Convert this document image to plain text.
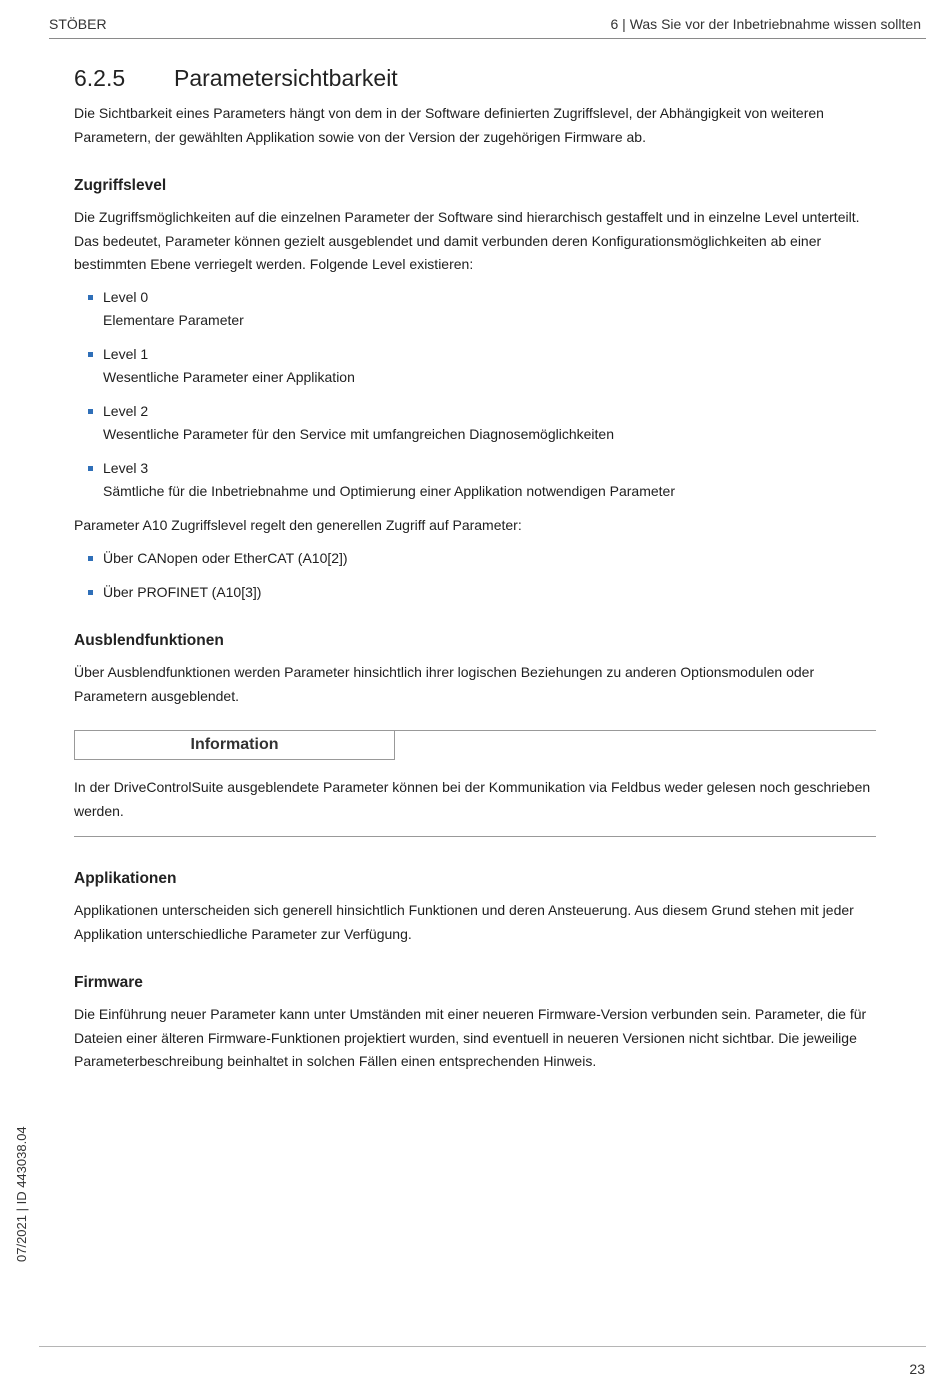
STÖBER	6 | Was Sie vor der Inbetriebnahme wissen sollten
6.2.5 Parametersichtbarkeit

Die Sichtbarkeit eines Parameters hängt von dem in der Software definierten Zugriffslevel, der Abhängigkeit von weiteren Parametern, der gewählten Applikation sowie von der Version der zugehörigen Firmware ab.

Zugriffslevel

Die Zugriffsmöglichkeiten auf die einzelnen Parameter der Software sind hierarchisch gestaffelt und in einzelne Level unterteilt. Das bedeutet, Parameter können gezielt ausgeblendet und damit verbunden deren Konfigurationsmöglichkeiten ab einer bestimmten Ebene verriegelt werden. Folgende Level existieren:

Level 0
Elementare Parameter
Level 1
Wesentliche Parameter einer Applikation
Level 2
Wesentliche Parameter für den Service mit umfangreichen Diagnosemöglichkeiten
Level 3
Sämtliche für die Inbetriebnahme und Optimierung einer Applikation notwendigen Parameter

Parameter A10 Zugriffslevel regelt den generellen Zugriff auf Parameter:

Über CANopen oder EtherCAT (A10[2])
Über PROFINET (A10[3])
Ausblendfunktionen

Über Ausblendfunktionen werden Parameter hinsichtlich ihrer logischen Beziehungen zu anderen Optionsmodulen oder Parametern ausgeblendet.

Information

In der DriveControlSuite ausgeblendete Parameter können bei der Kommunikation via Feldbus weder gelesen noch geschrieben werden.

Applikationen

Applikationen unterscheiden sich generell hinsichtlich Funktionen und deren Ansteuerung. Aus diesem Grund stehen mit jeder Applikation unterschiedliche Parameter zur Verfügung.

Firmware

Die Einführung neuer Parameter kann unter Umständen mit einer neueren Firmware-Version verbunden sein. Parameter, die für Dateien einer älteren Firmware-Funktionen projektiert wurden, sind eventuell in neueren Versionen nicht sichtbar. Die jeweilige Parameterbeschreibung beinhaltet in solchen Fällen einen entsprechenden Hinweis.

07/2021 | ID 443038.04
23
